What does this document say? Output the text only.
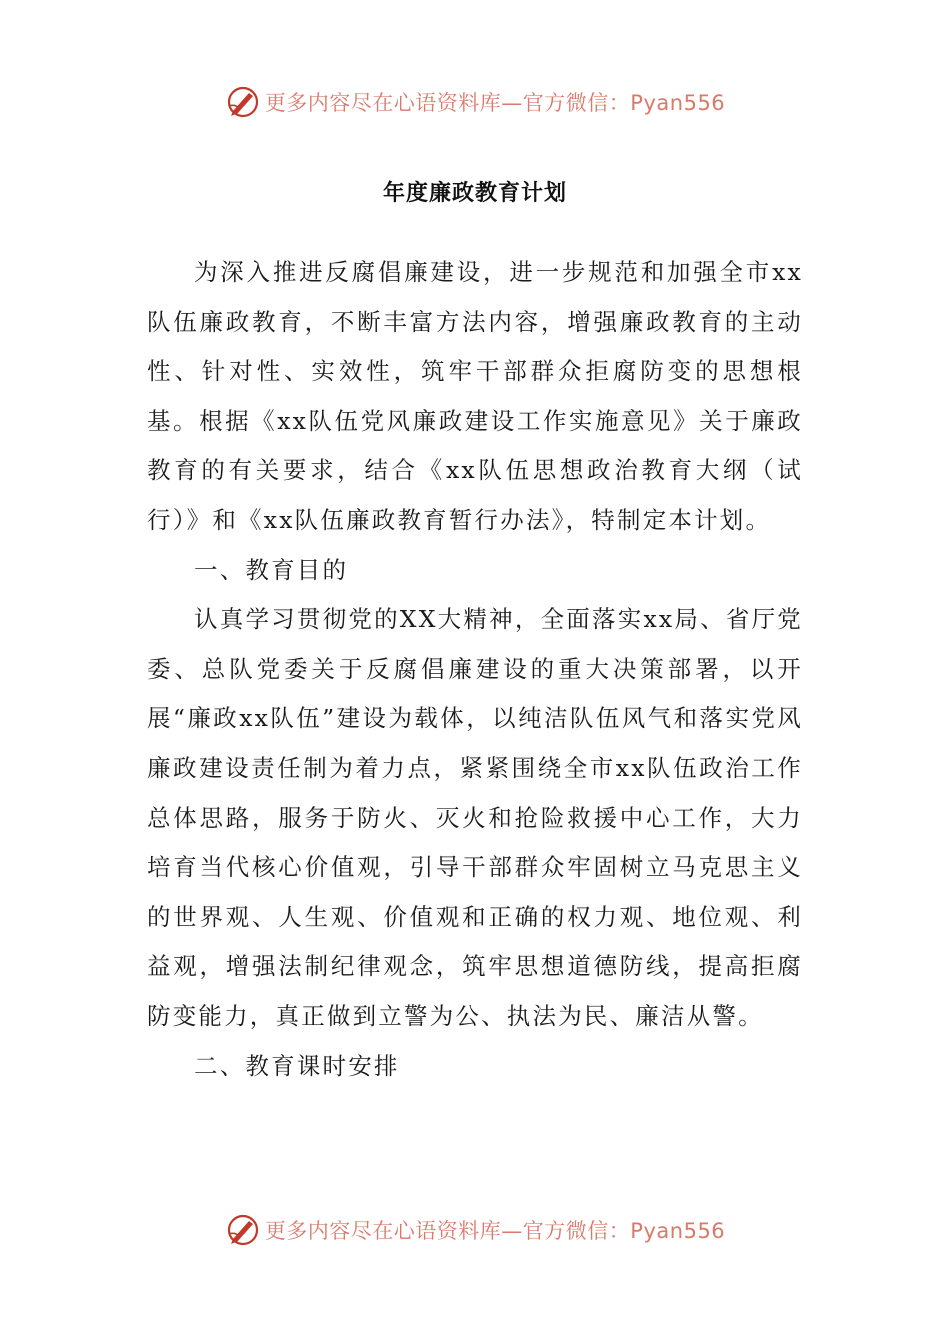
更多内容尽在心语资料库—官方微信：Pyan556
年度廉政教育计划

为深入推进反腐倡廉建设，进一步规范和加强全市xx队伍廉政教育，不断丰富方法内容，增强廉政教育的主动性、针对性、实效性，筑牢干部群众拒腐防变的思想根基。根据《xx队伍党风廉政建设工作实施意见》关于廉政教育的有关要求，结合《xx队伍思想政治教育大纲（试行）》和《xx队伍廉政教育暂行办法》，特制定本计划。

一、教育目的

认真学习贯彻党的XX大精神，全面落实xx局、省厅党委、总队党委关于反腐倡廉建设的重大决策部署，以开展“廉政xx队伍”建设为载体，以纯洁队伍风气和落实党风廉政建设责任制为着力点，紧紧围绕全市xx队伍政治工作总体思路，服务于防火、灭火和抢险救援中心工作，大力培育当代核心价值观，引导干部群众牢固树立马克思主义的世界观、人生观、价值观和正确的权力观、地位观、利益观，增强法制纪律观念，筑牢思想道德防线，提高拒腐防变能力，真正做到立警为公、执法为民、廉洁从警。

二、教育课时安排

更多内容尽在心语资料库—官方微信：Pyan556
